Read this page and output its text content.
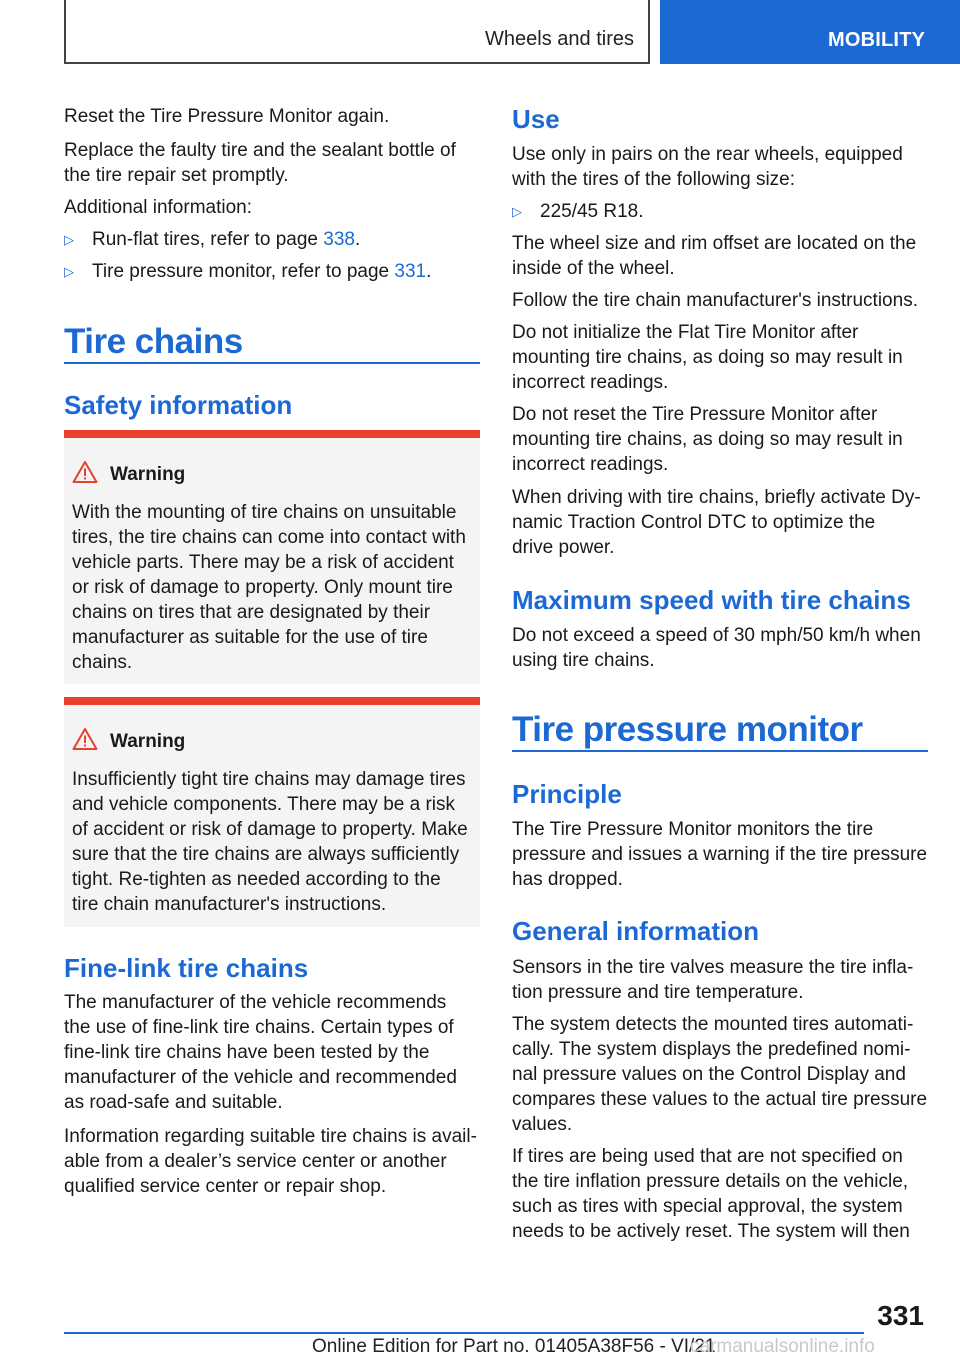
Wheels and tires	MOBILITY
Reset the Tire Pressure Monitor again.
Replace the faulty tire and the sealant bottle of
the tire repair set promptly.
Additional information:
▷ Run-flat tires, refer to page 338.
▷ Tire pressure monitor, refer to page 331.
Tire chains
Safety information
Warning
With the mounting of tire chains on unsuitable
tires, the tire chains can come into contact with
vehicle parts. There may be a risk of accident
or risk of damage to property. Only mount tire
chains on tires that are designated by their
manufacturer as suitable for the use of tire
chains.
Warning
Insufficiently tight tire chains may damage tires
and vehicle components. There may be a risk
of accident or risk of damage to property. Make
sure that the tire chains are always sufficiently
tight. Re-tighten as needed according to the
tire chain manufacturer's instructions.
Fine-link tire chains
The manufacturer of the vehicle recommends
the use of fine-link tire chains. Certain types of
fine-link tire chains have been tested by the
manufacturer of the vehicle and recommended
as road-safe and suitable.
Information regarding suitable tire chains is avail‐
able from a dealer’s service center or another
qualified service center or repair shop.
Use
Use only in pairs on the rear wheels, equipped
with the tires of the following size:
▷ 225/45 R18.
The wheel size and rim offset are located on the
inside of the wheel.
Follow the tire chain manufacturer's instructions.
Do not initialize the Flat Tire Monitor after
mounting tire chains, as doing so may result in
incorrect readings.
Do not reset the Tire Pressure Monitor after
mounting tire chains, as doing so may result in
incorrect readings.
When driving with tire chains, briefly activate Dy‐
namic Traction Control DTC to optimize the
drive power.
Maximum speed with tire chains
Do not exceed a speed of 30 mph/50 km/h when
using tire chains.
Tire pressure monitor
Principle
The Tire Pressure Monitor monitors the tire
pressure and issues a warning if the tire pressure
has dropped.
General information
Sensors in the tire valves measure the tire infla‐
tion pressure and tire temperature.
The system detects the mounted tires automati‐
cally. The system displays the predefined nomi‐
nal pressure values on the Control Display and
compares these values to the actual tire pressure
values.
If tires are being used that are not specified on
the tire inflation pressure details on the vehicle,
such as tires with special approval, the system
needs to be actively reset. The system will then
331
Online Edition for Part no. 01405A38F56 - VI/21
carmanualsonline.info
